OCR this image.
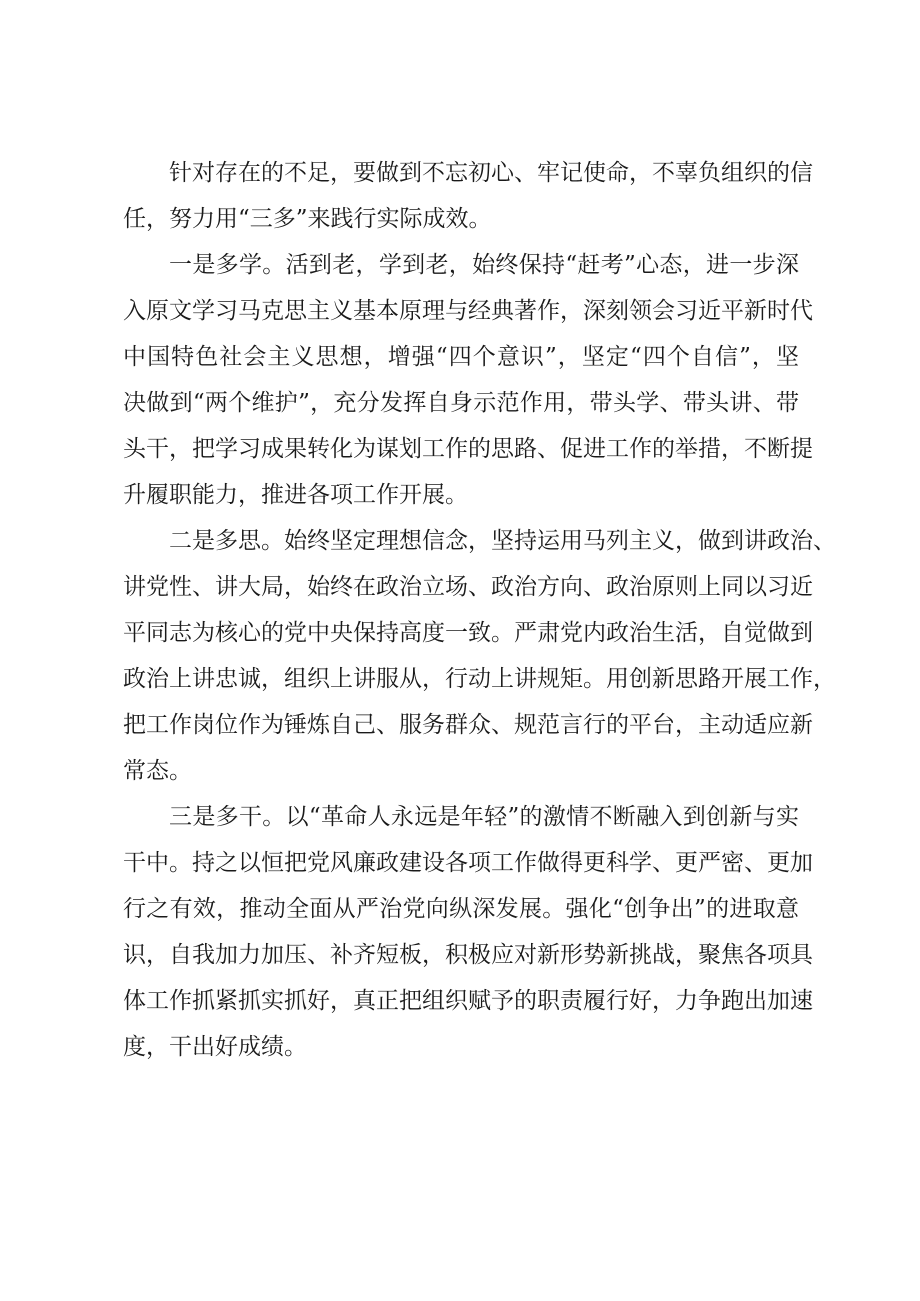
针对存在的不足，要做到不忘初心、牢记使命，不辜负组织的信

任，努力用“三多”来践行实际成效。

一是多学。活到老，学到老，始终保持“赶考”心态，进一步深

入原文学习马克思主义基本原理与经典著作，深刻领会习近平新时代

中国特色社会主义思想，增强“四个意识”，坚定“四个自信”，坚

决做到“两个维护”，充分发挥自身示范作用，带头学、带头讲、带

头干，把学习成果转化为谋划工作的思路、促进工作的举措，不断提

升履职能力，推进各项工作开展。

二是多思。始终坚定理想信念，坚持运用马列主义，做到讲政治、

讲党性、讲大局，始终在政治立场、政治方向、政治原则上同以习近

平同志为核心的党中央保持高度一致。严肃党内政治生活，自觉做到

政治上讲忠诚，组织上讲服从，行动上讲规矩。用创新思路开展工作，

把工作岗位作为锤炼自己、服务群众、规范言行的平台，主动适应新

常态。

三是多干。以“革命人永远是年轻”的激情不断融入到创新与实

干中。持之以恒把党风廉政建设各项工作做得更科学、更严密、更加

行之有效，推动全面从严治党向纵深发展。强化“创争出”的进取意

识，自我加力加压、补齐短板，积极应对新形势新挑战，聚焦各项具

体工作抓紧抓实抓好，真正把组织赋予的职责履行好，力争跑出加速

度，干出好成绩。
